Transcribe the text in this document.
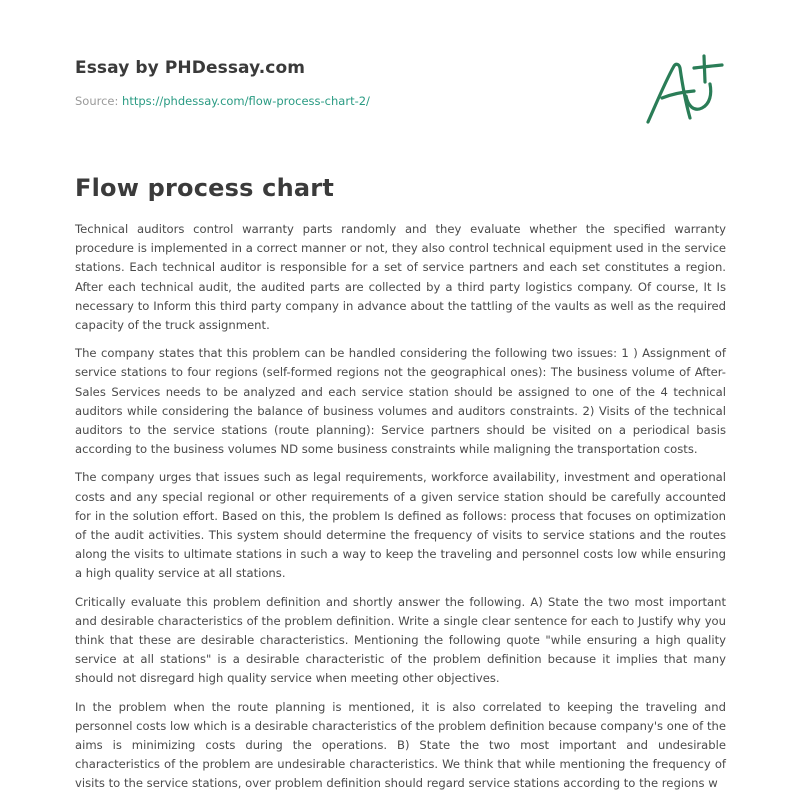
Essay by PHDessay.com
Source: https://phdessay.com/flow-process-chart-2/
Flow process chart

Technical auditors control warranty parts randomly and they evaluate whether the specified warranty procedure is implemented in a correct manner or not, they also control technical equipment used in the service stations. Each technical auditor is responsible for a set of service partners and each set constitutes a region. After each technical audit, the audited parts are collected by a third party logistics company. Of course, It Is necessary to Inform this third party company in advance about the tattling of the vaults as well as the required capacity of the truck assignment.

The company states that this problem can be handled considering the following two issues: 1 ) Assignment of service stations to four regions (self-formed regions not the geographical ones): The business volume of After-Sales Services needs to be analyzed and each service station should be assigned to one of the 4 technical auditors while considering the balance of business volumes and auditors constraints. 2) Visits of the technical auditors to the service stations (route planning): Service partners should be visited on a periodical basis according to the business volumes ND some business constraints while maligning the transportation costs.

The company urges that issues such as legal requirements, workforce availability, investment and operational costs and any special regional or other requirements of a given service station should be carefully accounted for in the solution effort. Based on this, the problem Is defined as follows: process that focuses on optimization of the audit activities. This system should determine the frequency of visits to service stations and the routes along the visits to ultimate stations in such a way to keep the traveling and personnel costs low while ensuring a high quality service at all stations.

Critically evaluate this problem definition and shortly answer the following. A) State the two most important and desirable characteristics of the problem definition. Write a single clear sentence for each to Justify why you think that these are desirable characteristics. Mentioning the following quote "while ensuring a high quality service at all stations" is a desirable characteristic of the problem definition because it implies that many should not disregard high quality service when meeting other objectives.

In the problem when the route planning is mentioned, it is also correlated to keeping the traveling and personnel costs low which is a desirable characteristics of the problem definition because company's one of the aims is minimizing costs during the operations. B) State the two most important and undesirable characteristics of the problem are undesirable characteristics. We think that while mentioning the frequency of visits to the service stations, over problem definition should regard service stations according to the regions w
